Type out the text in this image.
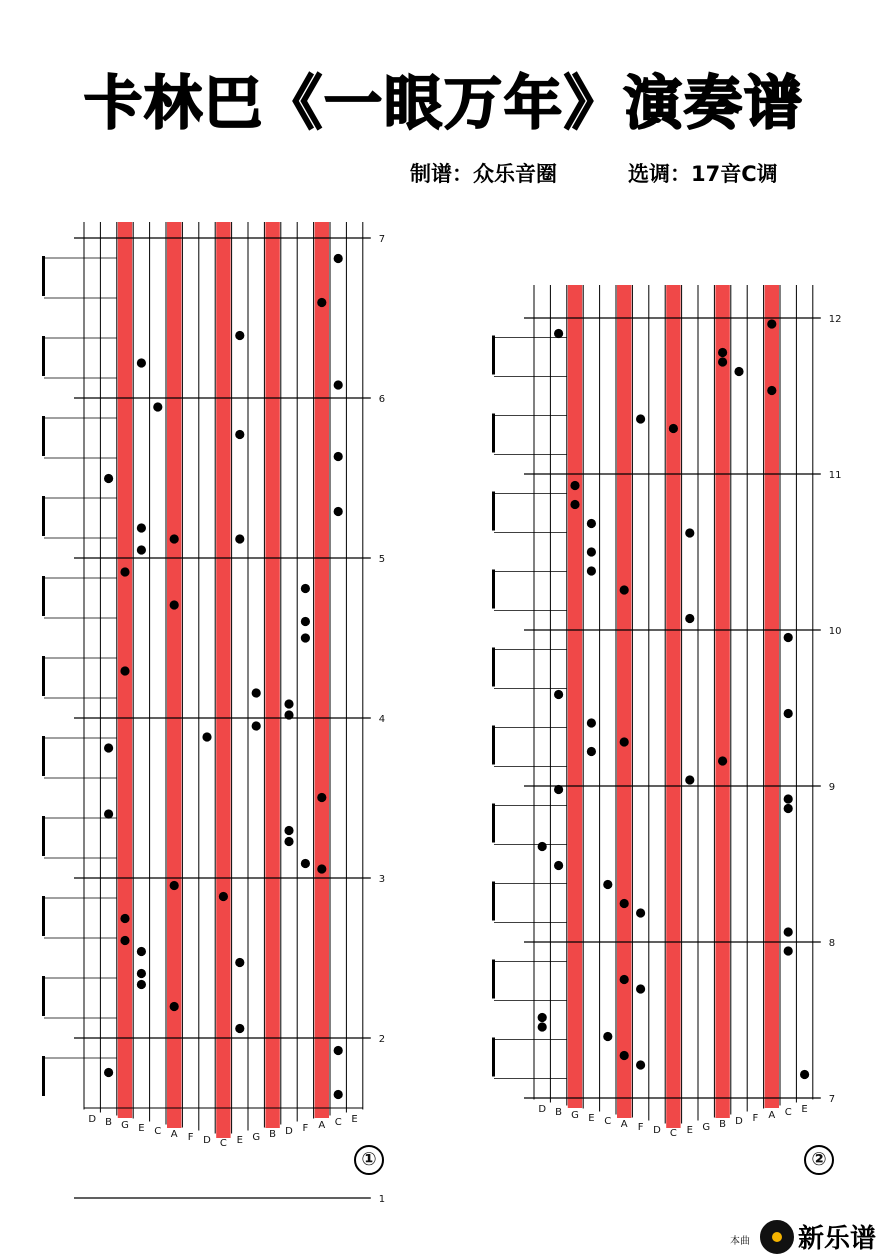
卡林巴《一眼万年》演奏谱
制谱：众乐音圈	选调：17音C调
D B G E C A F D C E G B D F A C E
7
6
5
4
3
2
1
D B G E C A F D C E G B D F A C E
12
11
10
9
8
7
①	②
本曲 新乐谱
